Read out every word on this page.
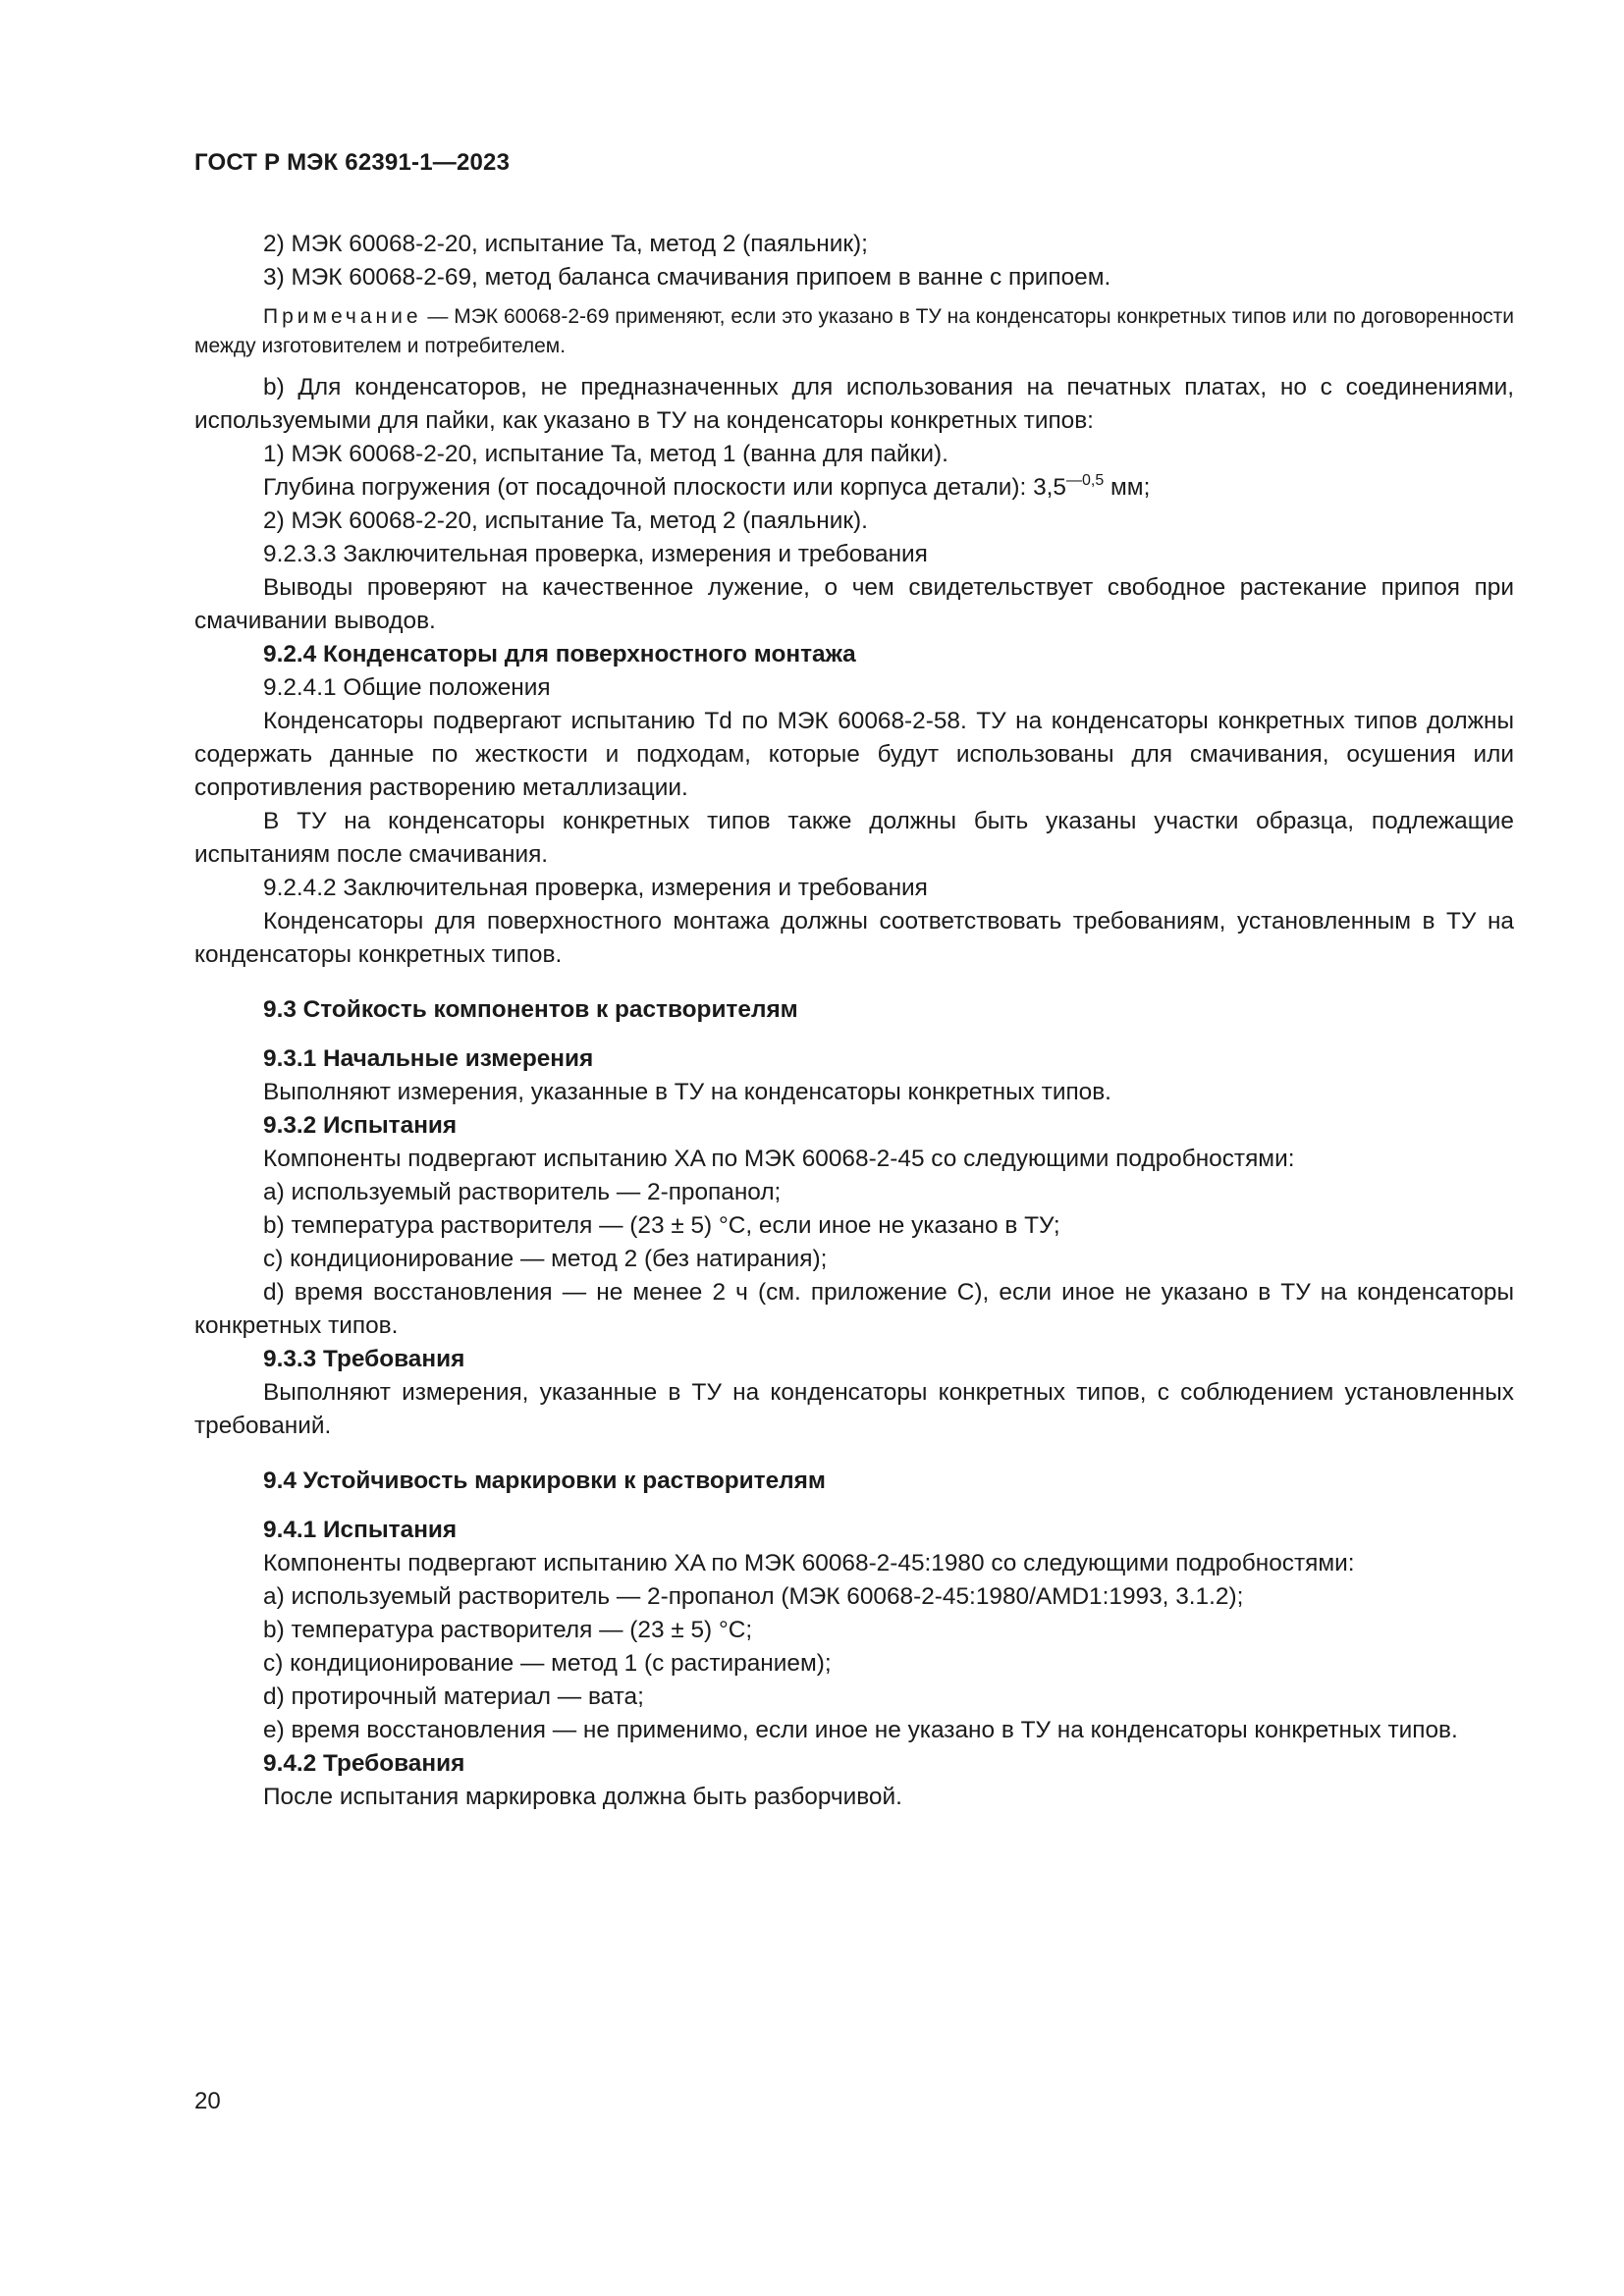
ГОСТ Р МЭК 62391-1—2023

2) МЭК 60068-2-20, испытание Ta, метод 2 (паяльник);

3) МЭК 60068-2-69, метод баланса смачивания припоем в ванне с припоем.

Примечание — МЭК 60068-2-69 применяют, если это указано в ТУ на конденсаторы конкретных типов или по договоренности между изготовителем и потребителем.

b) Для конденсаторов, не предназначенных для использования на печатных платах, но с соединениями, используемыми для пайки, как указано в ТУ на конденсаторы конкретных типов:

1) МЭК 60068-2-20, испытание Ta, метод 1 (ванна для пайки).

Глубина погружения (от посадочной плоскости или корпуса детали): $3,5^{—0,5}$ мм;

2) МЭК 60068-2-20, испытание Ta, метод 2 (паяльник).

9.2.3.3 Заключительная проверка, измерения и требования

Выводы проверяют на качественное лужение, о чем свидетельствует свободное растекание припоя при смачивании выводов.

9.2.4 Конденсаторы для поверхностного монтажа

9.2.4.1 Общие положения

Конденсаторы подвергают испытанию Td по МЭК 60068-2-58. ТУ на конденсаторы конкретных типов должны содержать данные по жесткости и подходам, которые будут использованы для смачивания, осушения или сопротивления растворению металлизации.

В ТУ на конденсаторы конкретных типов также должны быть указаны участки образца, подлежащие испытаниям после смачивания.

9.2.4.2 Заключительная проверка, измерения и требования

Конденсаторы для поверхностного монтажа должны соответствовать требованиям, установленным в ТУ на конденсаторы конкретных типов.

9.3 Стойкость компонентов к растворителям

9.3.1 Начальные измерения

Выполняют измерения, указанные в ТУ на конденсаторы конкретных типов.

9.3.2 Испытания

Компоненты подвергают испытанию XA по МЭК 60068-2-45 со следующими подробностями:

a) используемый растворитель — 2-пропанол;

b) температура растворителя — (23 ± 5) °С, если иное не указано в ТУ;

c) кондиционирование — метод 2 (без натирания);

d) время восстановления — не менее 2 ч (см. приложение С), если иное не указано в ТУ на конденсаторы конкретных типов.

9.3.3 Требования

Выполняют измерения, указанные в ТУ на конденсаторы конкретных типов, с соблюдением установленных требований.

9.4 Устойчивость маркировки к растворителям

9.4.1 Испытания

Компоненты подвергают испытанию XA по МЭК 60068-2-45:1980 со следующими подробностями:

a) используемый растворитель — 2-пропанол (МЭК 60068-2-45:1980/AMD1:1993, 3.1.2);

b) температура растворителя — (23 ± 5) °С;

c) кондиционирование — метод 1 (с растиранием);

d) протирочный материал — вата;

e) время восстановления — не применимо, если иное не указано в ТУ на конденсаторы конкретных типов.

9.4.2 Требования

После испытания маркировка должна быть разборчивой.

20
